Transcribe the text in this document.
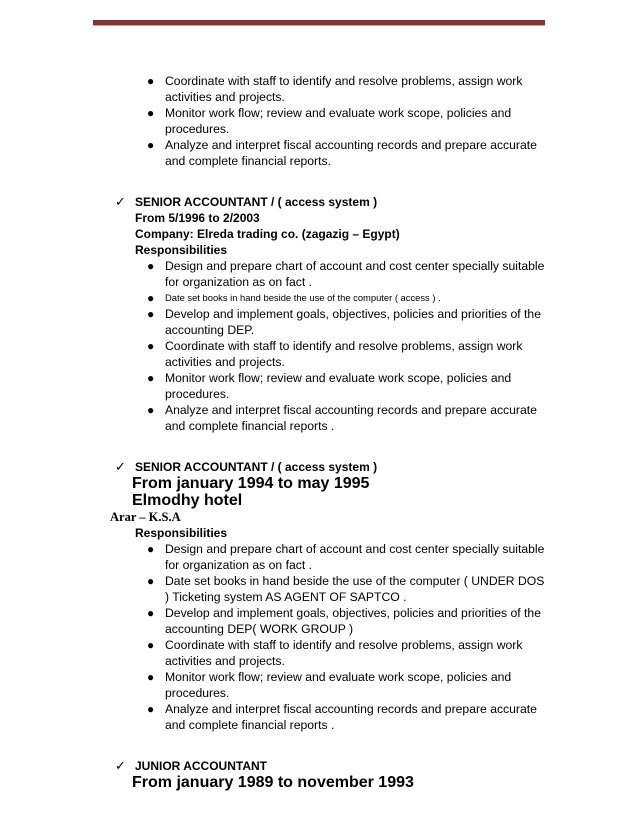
● Coordinate with staff to identify and resolve problems, assign work activities and projects.
● Monitor work flow; review and evaluate work scope, policies and procedures.
● Analyze and interpret fiscal accounting records and prepare accurate and complete financial reports.
✓ SENIOR ACCOUNTANT / ( access system )
From 5/1996 to 2/2003
Company: Elreda trading co. (zagazig – Egypt)
Responsibilities
● Design and prepare chart of account and cost center specially suitable for organization as on fact .
● Date set books in hand beside the use of the computer ( access ) .
● Develop and implement goals, objectives, policies and priorities of the accounting DEP.
● Coordinate with staff to identify and resolve problems, assign work activities and projects.
● Monitor work flow; review and evaluate work scope, policies and procedures.
● Analyze and interpret fiscal accounting records and prepare accurate and complete financial reports .
✓ SENIOR ACCOUNTANT / ( access system )
From january 1994 to may 1995
Elmodhy hotel
Arar – K.S.A
Responsibilities
● Design and prepare chart of account and cost center specially suitable for organization as on fact .
● Date set books in hand beside the use of the computer ( UNDER DOS ) Ticketing system AS AGENT OF SAPTCO .
● Develop and implement goals, objectives, policies and priorities of the accounting DEP( WORK GROUP )
● Coordinate with staff to identify and resolve problems, assign work activities and projects.
● Monitor work flow; review and evaluate work scope, policies and procedures.
● Analyze and interpret fiscal accounting records and prepare accurate and complete financial reports .
✓ JUNIOR ACCOUNTANT
From january 1989 to november 1993
